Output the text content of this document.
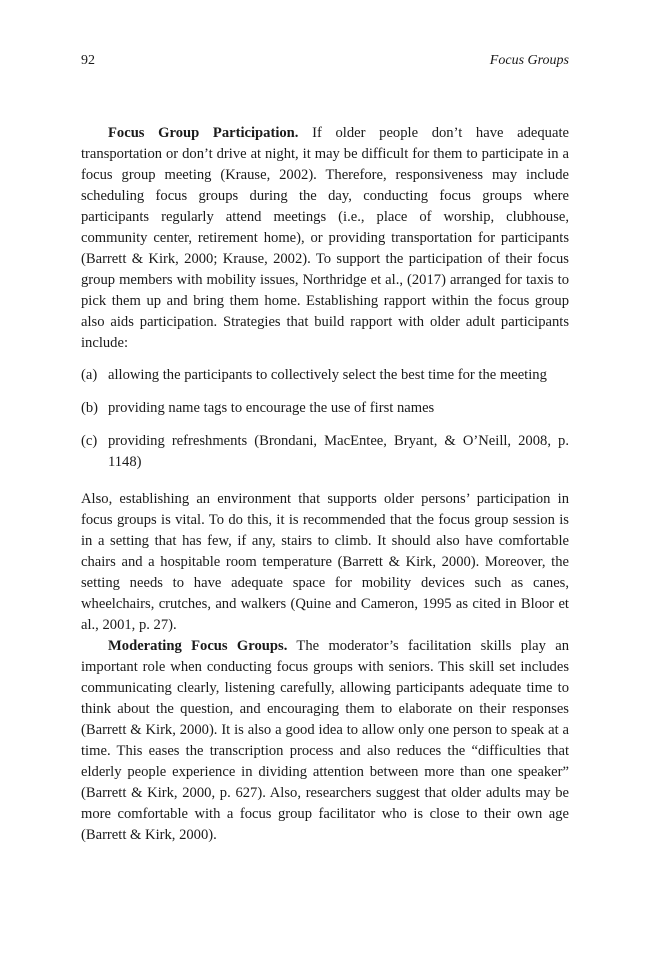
92	Focus Groups

Focus Group Participation. If older people don’t have adequate transportation or don’t drive at night, it may be difficult for them to participate in a focus group meeting (Krause, 2002). Therefore, responsiveness may include scheduling focus groups during the day, conducting focus groups where participants regularly attend meetings (i.e., place of worship, clubhouse, community center, retirement home), or providing transportation for participants (Barrett & Kirk, 2000; Krause, 2002). To support the participation of their focus group members with mobility issues, Northridge et al., (2017) arranged for taxis to pick them up and bring them home. Establishing rapport within the focus group also aids participation. Strategies that build rapport with older adult participants include:

(a) allowing the participants to collectively select the best time for the meeting
(b) providing name tags to encourage the use of first names
(c) providing refreshments (Brondani, MacEntee, Bryant, & O’Neill, 2008, p. 1148)

Also, establishing an environment that supports older persons’ participation in focus groups is vital. To do this, it is recommended that the focus group session is in a setting that has few, if any, stairs to climb. It should also have comfortable chairs and a hospitable room temperature (Barrett & Kirk, 2000). Moreover, the setting needs to have adequate space for mobility devices such as canes, wheelchairs, crutches, and walkers (Quine and Cameron, 1995 as cited in Bloor et al., 2001, p. 27).

Moderating Focus Groups. The moderator’s facilitation skills play an important role when conducting focus groups with seniors. This skill set includes communicating clearly, listening carefully, allowing participants adequate time to think about the question, and encouraging them to elaborate on their responses (Barrett & Kirk, 2000). It is also a good idea to allow only one person to speak at a time. This eases the transcription process and also reduces the “difficulties that elderly people experience in dividing attention between more than one speaker” (Barrett & Kirk, 2000, p. 627). Also, researchers suggest that older adults may be more comfortable with a focus group facilitator who is close to their own age (Barrett & Kirk, 2000).
